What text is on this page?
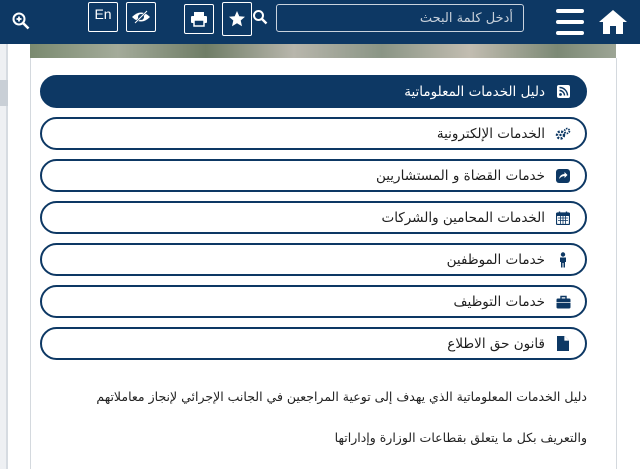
أدخل كلمة البحث
En
دليل الخدمات المعلوماتية
الخدمات الإلكترونية
خدمات القضاة و المستشاريين
الخدمات المحامين والشركات
خدمات الموظفين
خدمات التوظيف
قانون حق الاطلاع
دليل الخدمات المعلوماتية الذي يهدف إلى توعية المراجعين في الجانب الإجرائي لإنجاز معاملاتهم
والتعريف بكل ما يتعلق بقطاعات الوزارة وإداراتها
